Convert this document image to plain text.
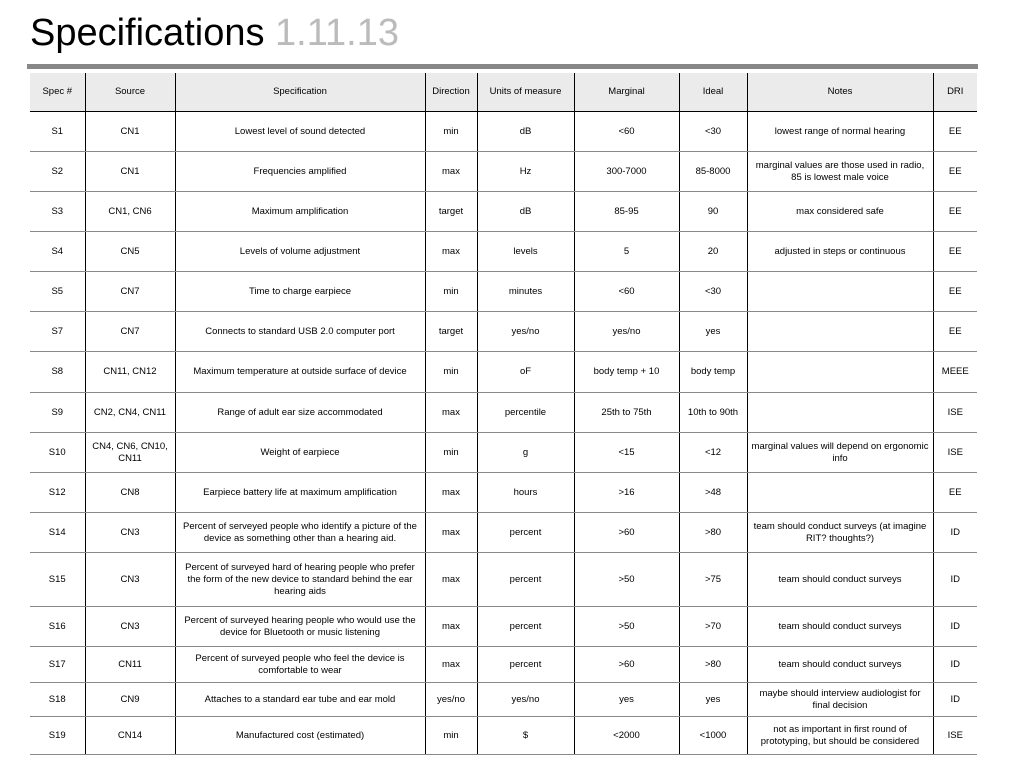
Specifications 1.11.13
Spec #	Source	Specification	Direction	Units of measure	Marginal	Ideal	Notes	DRI
S1	CN1	Lowest level of sound detected	min	dB	<60	<30	lowest range of normal hearing	EE
S2	CN1	Frequencies amplified	max	Hz	300-7000	85-8000	marginal values are those used in radio, 85 is lowest male voice	EE
S3	CN1, CN6	Maximum amplification	target	dB	85-95	90	max considered safe	EE
S4	CN5	Levels of volume adjustment	max	levels	5	20	adjusted in steps or continuous	EE
S5	CN7	Time to charge earpiece	min	minutes	<60	<30		EE
S7	CN7	Connects to standard USB 2.0 computer port	target	yes/no	yes/no	yes		EE
S8	CN11, CN12	Maximum temperature at outside surface of device	min	oF	body temp + 10	body temp		MEEE
S9	CN2, CN4, CN11	Range of adult ear size accommodated	max	percentile	25th to 75th	10th to 90th		ISE
S10	CN4, CN6, CN10, CN11	Weight of earpiece	min	g	<15	<12	marginal values will depend on ergonomic info	ISE
S12	CN8	Earpiece battery life at maximum amplification	max	hours	>16	>48		EE
S14	CN3	Percent of serveyed people who identify a picture of the device as something other than a hearing aid.	max	percent	>60	>80	team should conduct surveys (at imagine RIT? thoughts?)	ID
S15	CN3	Percent of surveyed hard of hearing people who prefer the form of the new device to standard behind the ear hearing aids	max	percent	>50	>75	team should conduct surveys	ID
S16	CN3	Percent of surveyed hearing people who would use the device for Bluetooth or music listening	max	percent	>50	>70	team should conduct surveys	ID
S17	CN11	Percent of surveyed people who feel the device is comfortable to wear	max	percent	>60	>80	team should conduct surveys	ID
S18	CN9	Attaches to a standard ear tube and ear mold	yes/no	yes/no	yes	yes	maybe should interview audiologist for final decision	ID
S19	CN14	Manufactured cost (estimated)	min	$	<2000	<1000	not as important in first round of prototyping, but should be considered	ISE
